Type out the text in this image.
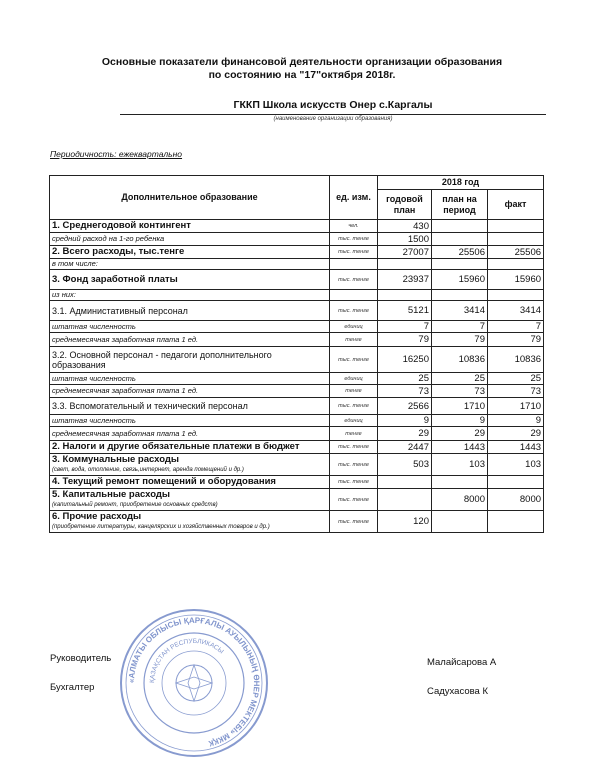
Основные показатели финансовой деятельности организации образования
по состоянию на "17"октября 2018г.
ГККП Школа искусств Онер с.Каргалы
(наименование организации образования)
Периодичность: ежеквартально
Дополнительное образование	ед. изм.	2018 год		
		годовой план	план на период	факт
1. Среднегодовой контингент	чел.	430		
средний расход на 1-го ребенка	тыс. тенге	1500		
2. Всего расходы, тыс.тенге	тыс. тенге	27007	25506	25506
в том числе:				
3. Фонд заработной платы	тыс. тенге	23937	15960	15960
из них:				
3.1. Администативный персонал	тыс. тенге	5121	3414	3414
штатная численность	единиц	7	7	7
среднемесячная заработная плата 1 ед.	тенге	79	79	79
3.2. Основной персонал - педагоги дополнительного образования	тыс. тенге	16250	10836	10836
штатная численность	единиц	25	25	25
среднемесячная заработная плата 1 ед.	тенге	73	73	73
3.3. Вспомогательный и технический персонал	тыс. тенге	2566	1710	1710
штатная численность	единиц	9	9	9
среднемесячная заработная плата 1 ед.	тенге	29	29	29
2. Налоги и другие обязательные платежи в бюджет	тыс. тенге	2447	1443	1443
3. Коммунальные расходы
(свет, вода, отопление, связь,интернет, аренда помещений и др.)	тыс. тенге	503	103	103
4. Текущий ремонт помещений и оборудования	тыс. тенге			
5. Капитальные расходы
(капитальный ремонт, приобретение основных средств)	тыс. тенге		8000	8000
6. Прочие расходы
(приобретение литературы, канцелярских и хозяйственных товаров и др.)	тыс. тенге	120		
«АЛМАТЫ ОБЛЫСЫ ҚАРҒАЛЫ АУЫЛЫНЫҢ ӨНЕР МЕКТЕБІ» МКҚК
ҚАЗАҚСТАН РЕСПУБЛИКАСЫ
Руководитель	Малайсарова А
Бухгалтер	Садухасова К
